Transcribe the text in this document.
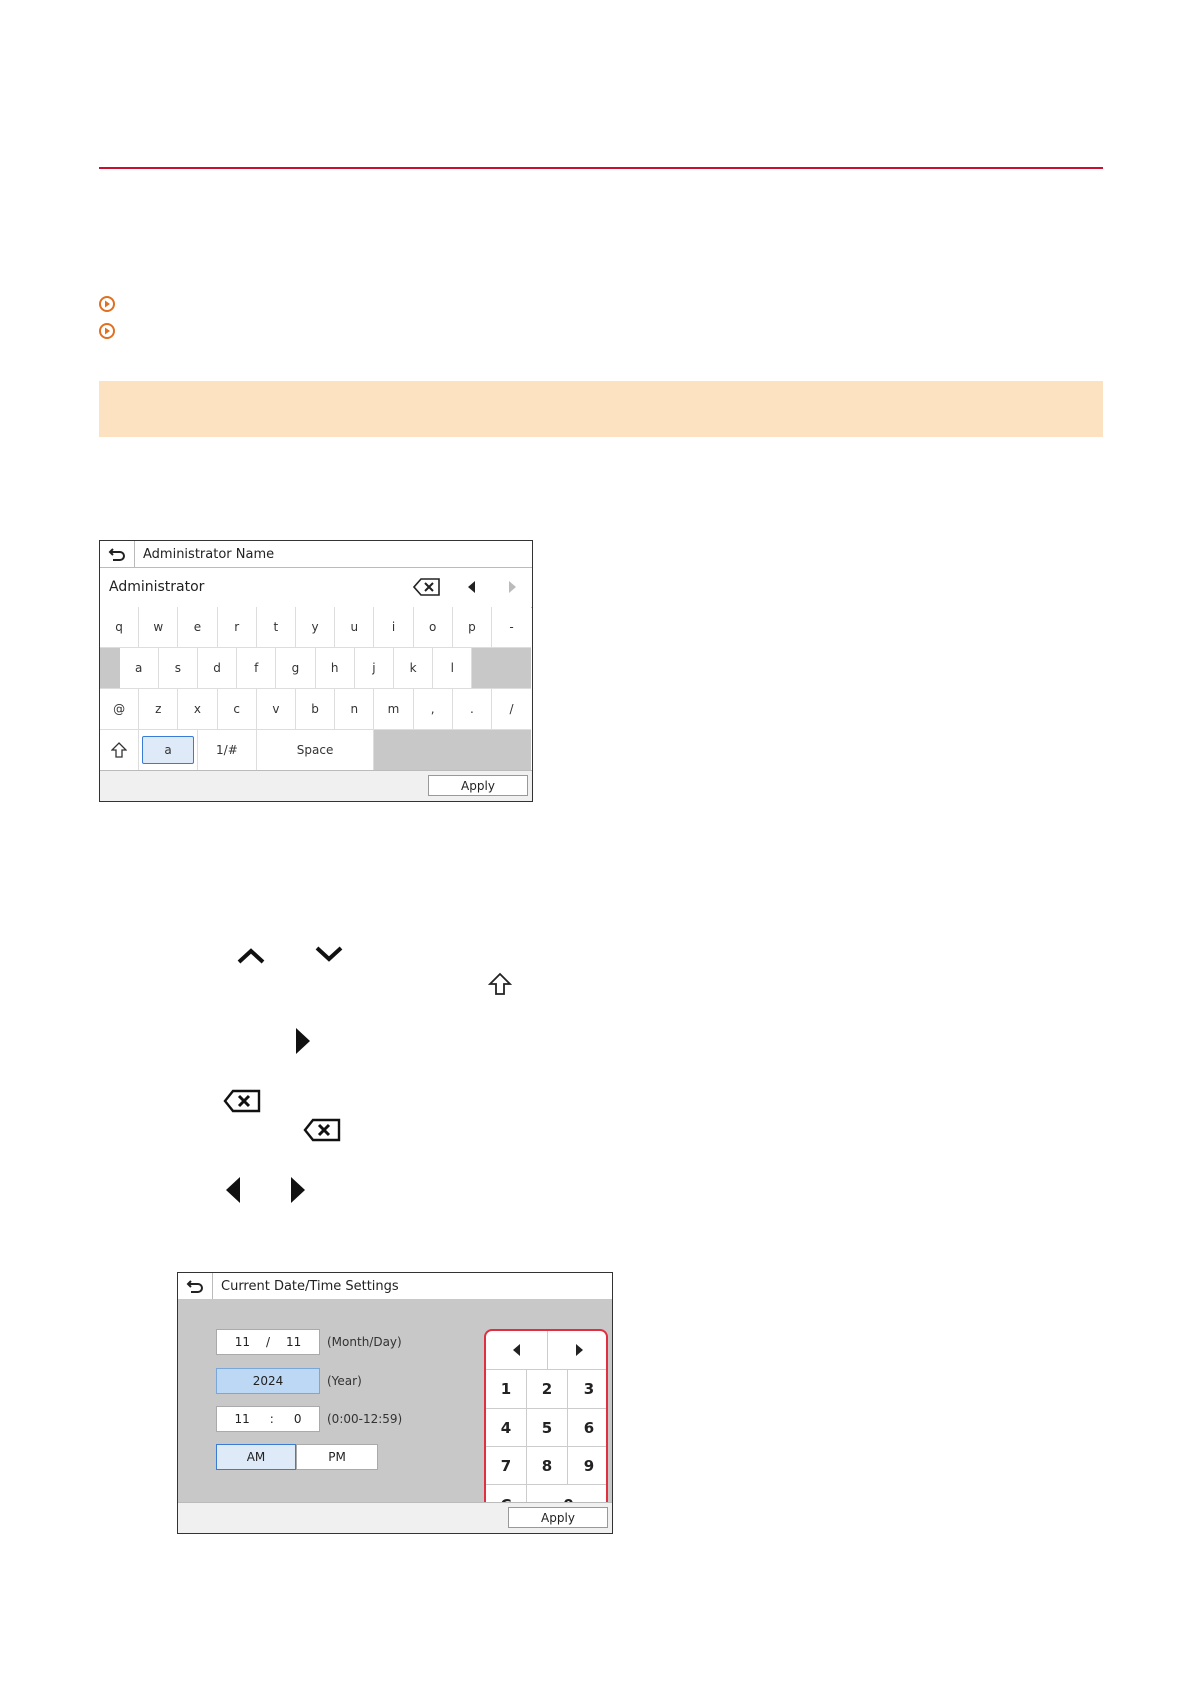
Administrator Name
Administrator
q	w	e	r	t	y	u	i	o	p	-
a	s	d	f	g	h	j	k	l
@	z	x	c	v	b	n	m	,	.	/
a	1/#	Space
Apply
Current Date/Time Settings
11 / 11 (Month/Day)
2024	(Year)
11 : 0 (0:00-12:59)
AM	PM
1	2	3
4	5	6
7	8	9
Apply
